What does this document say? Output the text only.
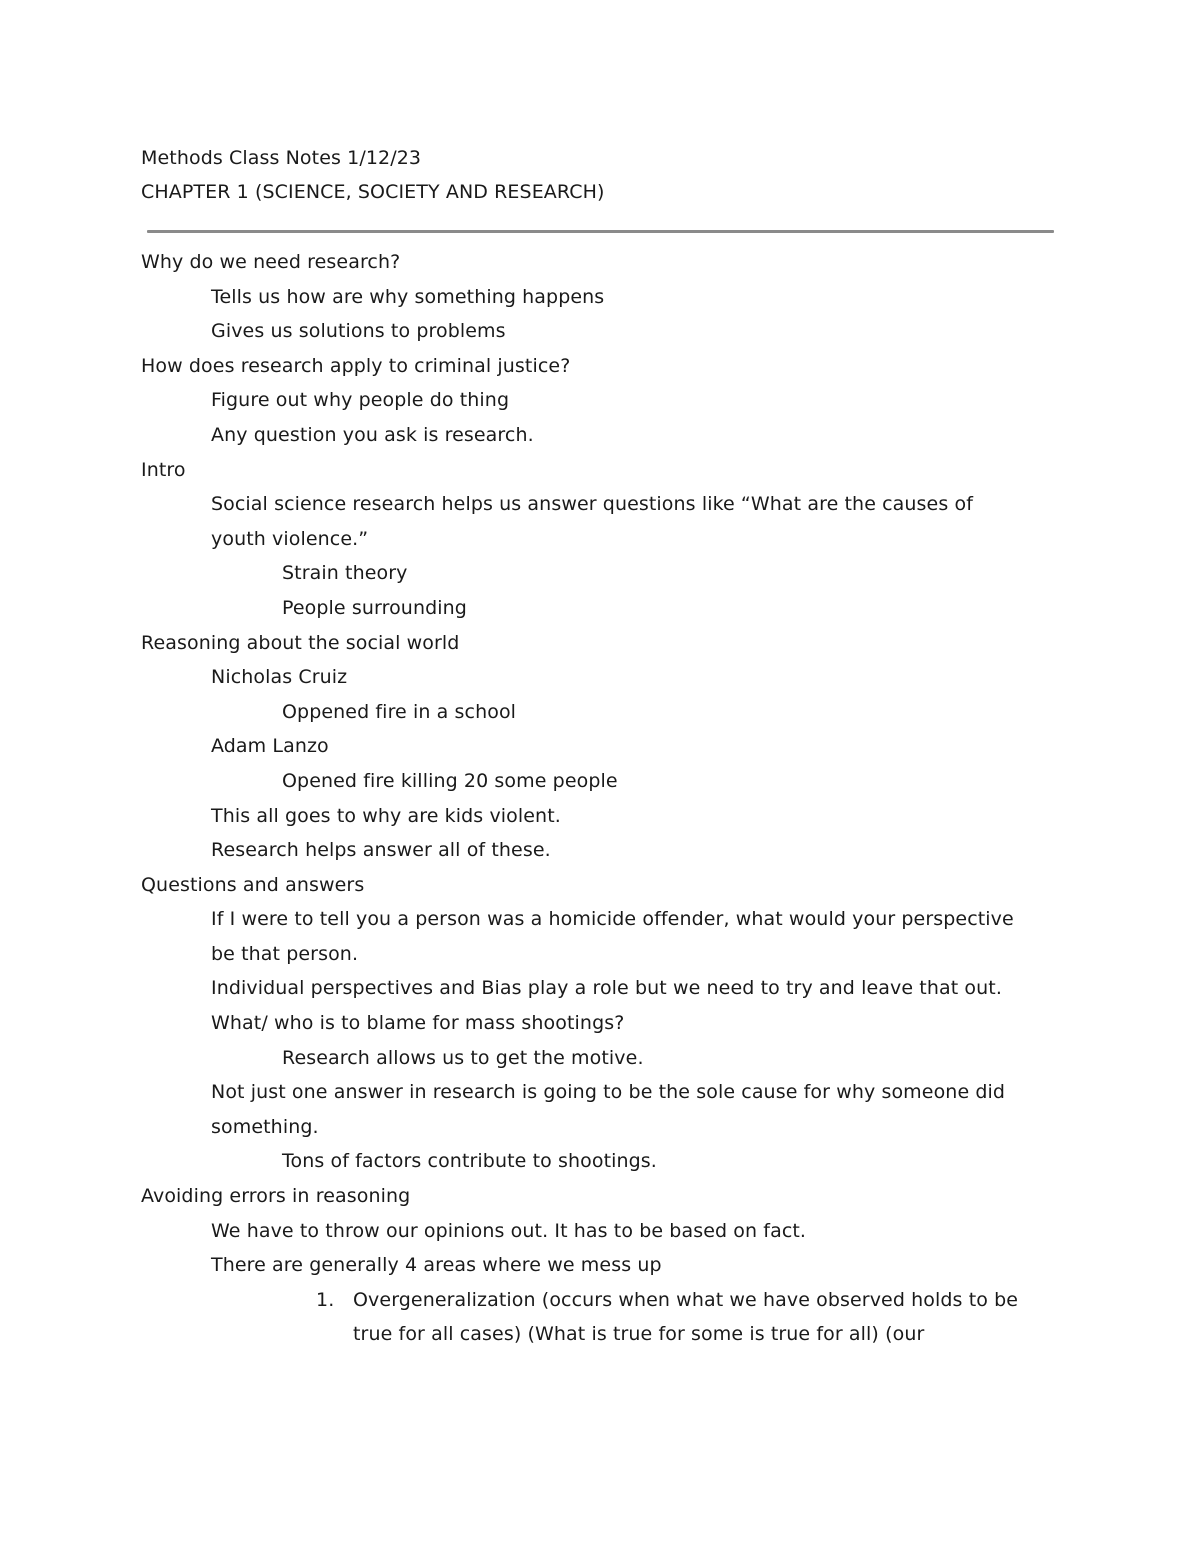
Methods Class Notes 1/12/23
CHAPTER 1 (SCIENCE, SOCIETY AND RESEARCH)
Why do we need research?
Tells us how are why something happens
Gives us solutions to problems
How does research apply to criminal justice?
Figure out why people do thing
Any question you ask is research.
Intro
Social science research helps us answer questions like “What are the causes of
youth violence.”
Strain theory
People surrounding
Reasoning about the social world
Nicholas Cruiz
Oppened fire in a school
Adam Lanzo
Opened fire killing 20 some people
This all goes to why are kids violent.
Research helps answer all of these.
Questions and answers
If I were to tell you a person was a homicide offender, what would your perspective
be that person.
Individual perspectives and Bias play a role but we need to try and leave that out.
What/ who is to blame for mass shootings?
Research allows us to get the motive.
Not just one answer in research is going to be the sole cause for why someone did
something.
Tons of factors contribute to shootings.
Avoiding errors in reasoning
We have to throw our opinions out. It has to be based on fact.
There are generally 4 areas where we mess up
1. Overgeneralization (occurs when what we have observed holds to be
true for all cases) (What is true for some is true for all) (our
